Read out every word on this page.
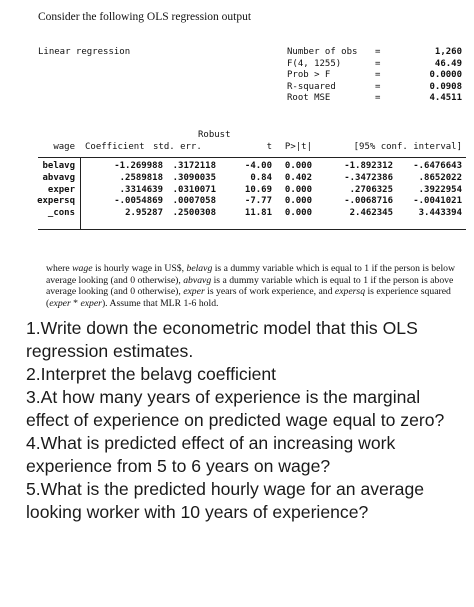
Consider the following OLS regression output
Linear regression	Number of obs =	1,260
F(4, 1255)	=	46.49
Prob > F	=	0.0000
R-squared	=	0.0908
Root MSE	=	4.4511
Robust
wage Coefficient std. err.	t P>|t|	[95% conf. interval]
belavg	-1.269988 .3172118	-4.00 0.000	-1.892312 -.6476643
abvavg	.2589818 .3090035	0.84 0.402	-.3472386	.8652022
exper	.3314639 .0310071	10.69 0.000	.2706325	.3922954
expersq	-.0054869 .0007058	-7.77 0.000	-.0068716 -.0041021
_cons	2.95287 .2500308	11.81 0.000	2.462345	3.443394
where wage is hourly wage in US$, belavg is a dummy variable which is equal to 1 if the person is below average looking (and 0 otherwise), abvavg is a dummy variable which is equal to 1 if the person is above average looking (and 0 otherwise), exper is years of work experience, and expersq is experience squared (exper * exper). Assume that MLR 1-6 hold.

1.Write down the econometric model that this OLS regression estimates.

2.Interpret the belavg coefficient

3.At how many years of experience is the marginal effect of experience on predicted wage equal to zero?

4.What is predicted effect of an increasing work experience from 5 to 6 years on wage?

5.What is the predicted hourly wage for an average looking worker with 10 years of experience?
